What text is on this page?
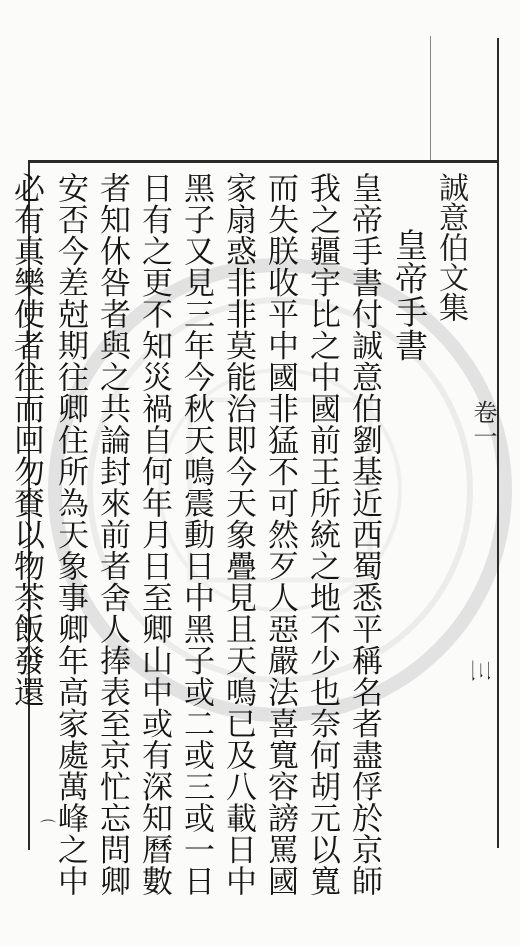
誠意伯文集
卷一
三
皇帝手書
皇帝手書付誠意伯劉基近西蜀悉平稱名者盡俘於京師
我之疆宇比之中國前王所統之地不少也奈何胡元以寬
而失朕收平中國非猛不可然歹人惡嚴法喜寬容謗罵國
家扇惑非非莫能治即今天象疊見且天鳴已及八載日中
黑子又見三年今秋天鳴震動日中黑子或二或三或一日
日有之更不知災禍自何年月日至卿山中或有深知曆數
者知休咎者與之共論封來前者舍人捧表至京忙忘問卿
安否今差尅期往卿住所為天象事卿年高家處萬峰之中
必有真樂使者往而回勿賚以物茶飯發還
⌒
